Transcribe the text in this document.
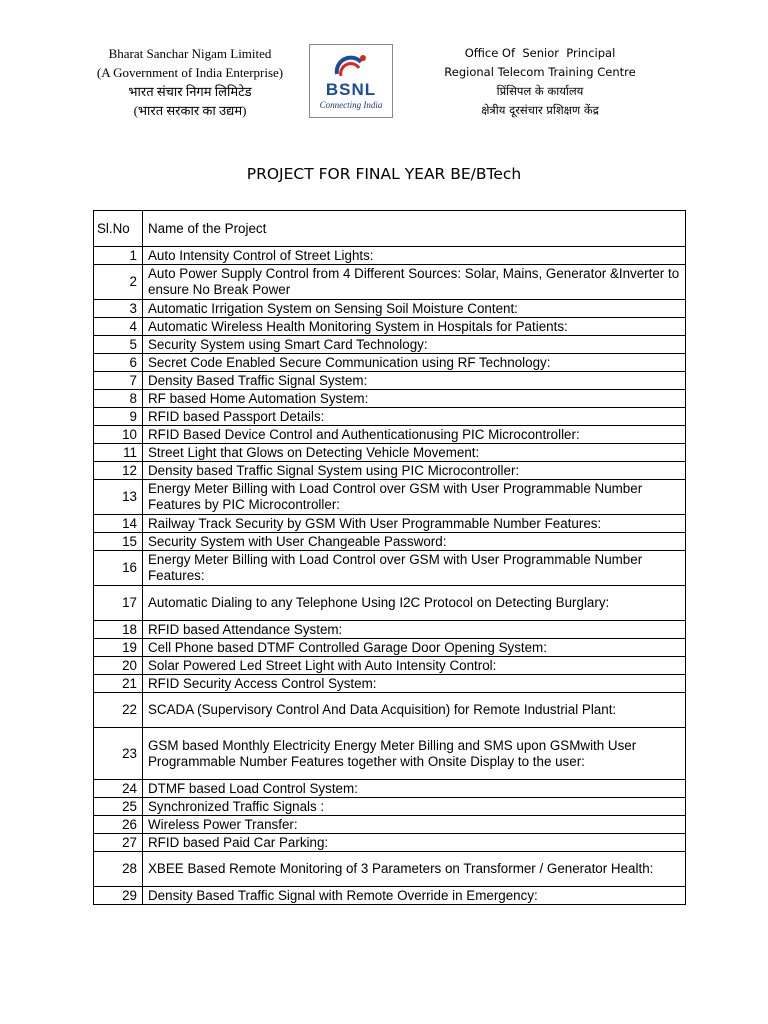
Bharat Sanchar Nigam Limited
(A Government of India Enterprise)
भारत संचार निगम लिमिटेड
(भारत सरकार का उद्यम)
BSNL
Connecting India
Office Of  Senior  Principal
Regional Telecom Training Centre
प्रिंसिपल के कार्यालय
क्षेत्रीय दूरसंचार प्रशिक्षण केंद्र
PROJECT FOR FINAL YEAR BE/BTech
Sl.No	Name of the Project
1	Auto Intensity Control of Street Lights:
2	Auto Power Supply Control from 4 Different Sources: Solar, Mains, Generator &Inverter to ensure No Break Power
3	Automatic Irrigation System on Sensing Soil Moisture Content:
4	Automatic Wireless Health Monitoring System in Hospitals for Patients:
5	Security System using Smart Card Technology:
6	Secret Code Enabled Secure Communication using RF Technology:
7	Density Based Traffic Signal System:
8	RF based Home Automation System:
9	RFID based Passport Details:
10	RFID Based Device Control and Authenticationusing PIC Microcontroller:
11	Street Light that Glows on Detecting Vehicle Movement:
12	Density based Traffic Signal System using PIC Microcontroller:
13	Energy Meter Billing with Load Control over GSM with User Programmable Number Features by PIC Microcontroller:
14	Railway Track Security by GSM With User Programmable Number Features:
15	Security System with User Changeable Password:
16	Energy Meter Billing with Load Control over GSM with User Programmable Number Features:
17	Automatic Dialing to any Telephone Using I2C Protocol on Detecting Burglary:
18	RFID based Attendance System:
19	Cell Phone based DTMF Controlled Garage Door Opening System:
20	Solar Powered Led Street Light with Auto Intensity Control:
21	RFID Security Access Control System:
22	SCADA (Supervisory Control And Data Acquisition) for Remote Industrial Plant:
23	GSM based Monthly Electricity Energy Meter Billing and SMS upon GSMwith User Programmable Number Features together with Onsite Display to the user:
24	DTMF based Load Control System:
25	Synchronized Traffic Signals :
26	Wireless Power Transfer:
27	RFID based Paid Car Parking:
28	XBEE Based Remote Monitoring of 3 Parameters on Transformer / Generator Health:
29	Density Based Traffic Signal with Remote Override in Emergency:
